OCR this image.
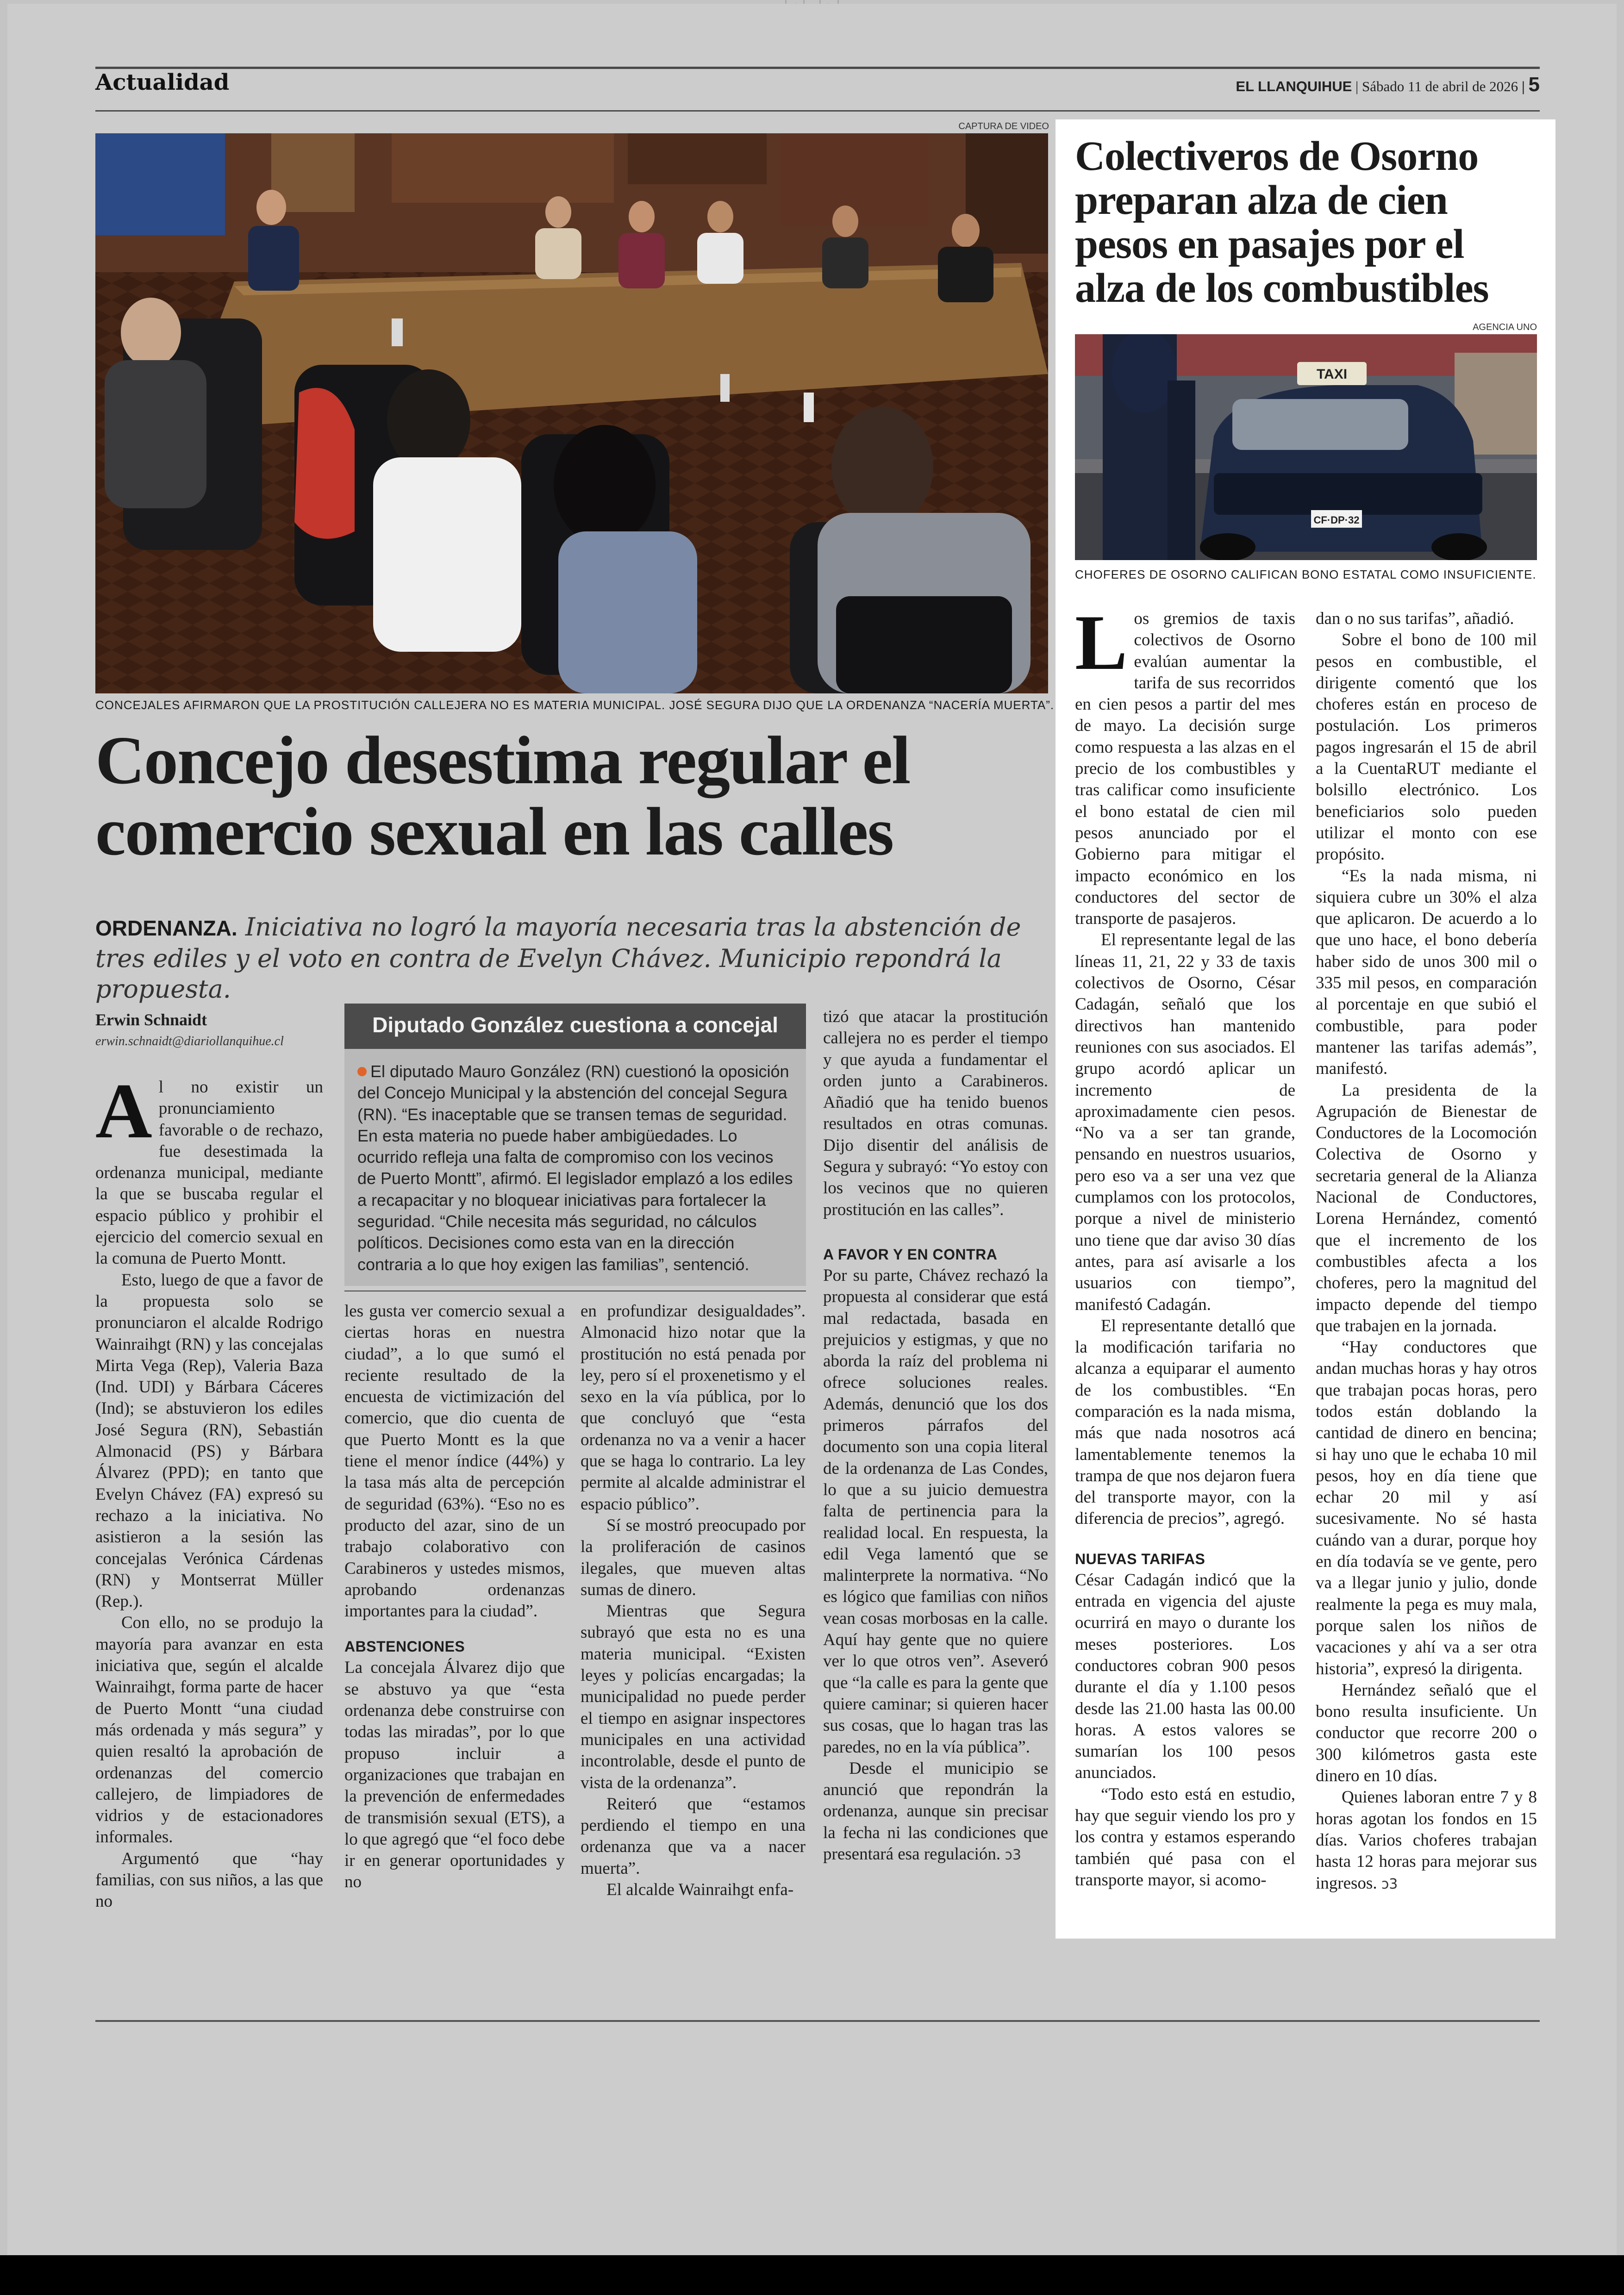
Actualidad	EL LLANQUIHUE | Sábado 11 de abril de 2026 | 5
CAPTURA DE VIDEO
CONCEJALES AFIRMARON QUE LA PROSTITUCIÓN CALLEJERA NO ES MATERIA MUNICIPAL. JOSÉ SEGURA DIJO QUE LA ORDENANZA “NACERÍA MUERTA”.
Concejo desestima regular el
comercio sexual en las calles
ORDENANZA. Iniciativa no logró la mayoría necesaria tras la abstención de tres ediles y el voto en contra de Evelyn Chávez. Municipio repondrá la propuesta.
Erwin Schnaidt
erwin.schnaidt@diariollanquihue.cl
A l no existir un pronunciamiento favorable o de rechazo, fue desestimada la ordenanza municipal, mediante la que se buscaba regular el espacio público y prohibir el ejercicio del comercio sexual en la comuna de Puerto Montt.

Esto, luego de que a favor de la propuesta solo se pronunciaron el alcalde Rodrigo Wainraihgt (RN) y las concejalas Mirta Vega (Rep), Valeria Baza (Ind. UDI) y Bárbara Cáceres (Ind); se abstuvieron los ediles José Segura (RN), Sebastián Almonacid (PS) y Bárbara Álvarez (PPD); en tanto que Evelyn Chávez (FA) expresó su rechazo a la iniciativa. No asistieron a la sesión las concejalas Verónica Cárdenas (RN) y Montserrat Müller (Rep.).

Con ello, no se produjo la mayoría para avanzar en esta iniciativa que, según el alcalde Wainraihgt, forma parte de hacer de Puerto Montt “una ciudad más ordenada y más segura” y quien resaltó la aprobación de ordenanzas del comercio callejero, de limpiadores de vidrios y de estacionadores informales.

Argumentó que “hay familias, con sus niños, a las que no

Diputado González cuestiona a concejal
El diputado Mauro González (RN) cuestionó la oposición del Concejo Municipal y la abstención del concejal Segura (RN). “Es inaceptable que se transen temas de seguridad. En esta materia no puede haber ambigüedades. Lo ocurrido refleja una falta de compromiso con los vecinos de Puerto Montt”, afirmó. El legislador emplazó a los ediles a recapacitar y no bloquear iniciativas para fortalecer la seguridad. “Chile necesita más seguridad, no cálculos políticos. Decisiones como esta van en la dirección contraria a lo que hoy exigen las familias”, sentenció.

les gusta ver comercio sexual a ciertas horas en nuestra ciudad”, a lo que sumó el reciente resultado de la encuesta de victimización del comercio, que dio cuenta de que Puerto Montt es la que tiene el menor índice (44%) y la tasa más alta de percepción de seguridad (63%). “Eso no es producto del azar, sino de un trabajo colaborativo con Carabineros y ustedes mismos, aprobando ordenanzas importantes para la ciudad”.

ABSTENCIONES

La concejala Álvarez dijo que se abstuvo ya que “esta ordenanza debe construirse con todas las miradas”, por lo que propuso incluir a organizaciones que trabajan en la prevención de enfermedades de transmisión sexual (ETS), a lo que agregó que “el foco debe ir en generar oportunidades y no

en profundizar desigualdades”. Almonacid hizo notar que la prostitución no está penada por ley, pero sí el proxenetismo y el sexo en la vía pública, por lo que concluyó que “esta ordenanza no va a venir a hacer que se haga lo contrario. La ley permite al alcalde administrar el espacio público”.

Sí se mostró preocupado por la proliferación de casinos ilegales, que mueven altas sumas de dinero.

Mientras que Segura subrayó que esta no es una materia municipal. “Existen leyes y policías encargadas; la municipalidad no puede perder el tiempo en asignar inspectores municipales en una actividad incontrolable, desde el punto de vista de la ordenanza”.

Reiteró que “estamos perdiendo el tiempo en una ordenanza que va a nacer muerta”.

El alcalde Wainraihgt enfa-

tizó que atacar la prostitución callejera no es perder el tiempo y que ayuda a fundamentar el orden junto a Carabineros. Añadió que ha tenido buenos resultados en otras comunas. Dijo disentir del análisis de Segura y subrayó: “Yo estoy con los vecinos que no quieren prostitución en las calles”.

A FAVOR Y EN CONTRA

Por su parte, Chávez rechazó la propuesta al considerar que está mal redactada, basada en prejuicios y estigmas, y que no aborda la raíz del problema ni ofrece soluciones reales. Además, denunció que los dos primeros párrafos del documento son una copia literal de la ordenanza de Las Condes, lo que a su juicio demuestra falta de pertinencia para la realidad local. En respuesta, la edil Vega lamentó que se malinterprete la normativa. “No es lógico que familias con niños vean cosas morbosas en la calle. Aquí hay gente que no quiere ver lo que otros ven”. Aseveró que “la calle es para la gente que quiere caminar; si quieren hacer sus cosas, que lo hagan tras las paredes, no en la vía pública”.

Desde el municipio se anunció que repondrán la ordenanza, aunque sin precisar la fecha ni las condiciones que presentará esa regulación. ↄ3

Colectiveros de Osorno
preparan alza de cien
pesos en pasajes por el
alza de los combustibles
AGENCIA UNO
TAXI
CF·DP·32
CHOFERES DE OSORNO CALIFICAN BONO ESTATAL COMO INSUFICIENTE.
L os gremios de taxis colectivos de Osorno evalúan aumentar la tarifa de sus recorridos en cien pesos a partir del mes de mayo. La decisión surge como respuesta a las alzas en el precio de los combustibles y tras calificar como insuficiente el bono estatal de cien mil pesos anunciado por el Gobierno para mitigar el impacto económico en los conductores del sector de transporte de pasajeros.

El representante legal de las líneas 11, 21, 22 y 33 de taxis colectivos de Osorno, César Cadagán, señaló que los directivos han mantenido reuniones con sus asociados. El grupo acordó aplicar un incremento de aproximadamente cien pesos. “No va a ser tan grande, pensando en nuestros usuarios, pero eso va a ser una vez que cumplamos con los protocolos, porque a nivel de ministerio uno tiene que dar aviso 30 días antes, para así avisarle a los usuarios con tiempo”, manifestó Cadagán.

El representante detalló que la modificación tarifaria no alcanza a equiparar el aumento de los combustibles. “En comparación es la nada misma, más que nada nosotros acá lamentablemente tenemos la trampa de que nos dejaron fuera del transporte mayor, con la diferencia de precios”, agregó.

NUEVAS TARIFAS

César Cadagán indicó que la entrada en vigencia del ajuste ocurrirá en mayo o durante los meses posteriores. Los conductores cobran 900 pesos durante el día y 1.100 pesos desde las 21.00 hasta las 00.00 horas. A estos valores se sumarían los 100 pesos anunciados.

“Todo esto está en estudio, hay que seguir viendo los pro y los contra y estamos esperando también qué pasa con el transporte mayor, si acomo-

dan o no sus tarifas”, añadió.

Sobre el bono de 100 mil pesos en combustible, el dirigente comentó que los choferes están en proceso de postulación. Los primeros pagos ingresarán el 15 de abril a la CuentaRUT mediante el bolsillo electrónico. Los beneficiarios solo pueden utilizar el monto con ese propósito.

“Es la nada misma, ni siquiera cubre un 30% el alza que aplicaron. De acuerdo a lo que uno hace, el bono debería haber sido de unos 300 mil o 335 mil pesos, en comparación al porcentaje en que subió el combustible, para poder mantener las tarifas además”, manifestó.

La presidenta de la Agrupación de Bienestar de Conductores de la Locomoción Colectiva de Osorno y secretaria general de la Alianza Nacional de Conductores, Lorena Hernández, comentó que el incremento de los combustibles afecta a los choferes, pero la magnitud del impacto depende del tiempo que trabajen en la jornada.

“Hay conductores que andan muchas horas y hay otros que trabajan pocas horas, pero todos están doblando la cantidad de dinero en bencina; si hay uno que le echaba 10 mil pesos, hoy en día tiene que echar 20 mil y así sucesivamente. No sé hasta cuándo van a durar, porque hoy en día todavía se ve gente, pero va a llegar junio y julio, donde realmente la pega es muy mala, porque salen los niños de vacaciones y ahí va a ser otra historia”, expresó la dirigenta.

Hernández señaló que el bono resulta insuficiente. Un conductor que recorre 200 o 300 kilómetros gasta este dinero en 10 días.

Quienes laboran entre 7 y 8 horas agotan los fondos en 15 días. Varios choferes trabajan hasta 12 horas para mejorar sus ingresos. ↄ3
